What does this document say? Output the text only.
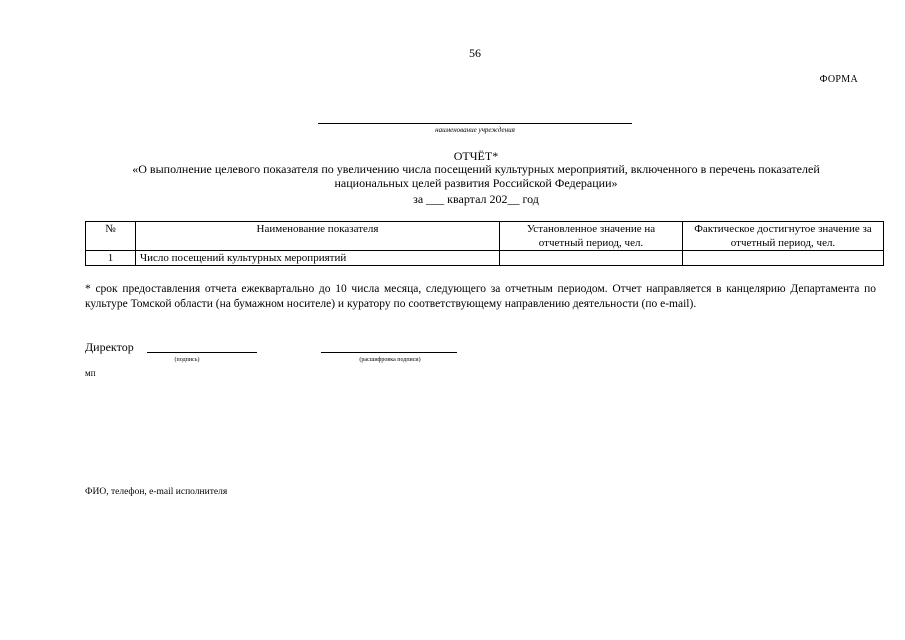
56
ФОРМА
наименование учреждения
ОТЧЁТ*
«О выполнение целевого показателя по увеличению числа посещений культурных мероприятий, включенного в перечень показателей
национальных целей развития Российской Федерации»
за ___ квартал 202__ год
№	Наименование показателя	Установленное значение на отчетный период, чел.	Фактическое достигнутое значение за отчетный период, чел.
1	Число посещений культурных мероприятий		
* срок предоставления отчета ежеквартально до 10 числа месяца, следующего за отчетным периодом. Отчет направляется в канцелярию Департамента по культуре Томской области (на бумажном носителе) и куратору по соответствующему направлению деятельности (по e-mail).
Директор
(подпись)	(расшифровка подписи)
мп
ФИО, телефон, e-mail исполнителя
